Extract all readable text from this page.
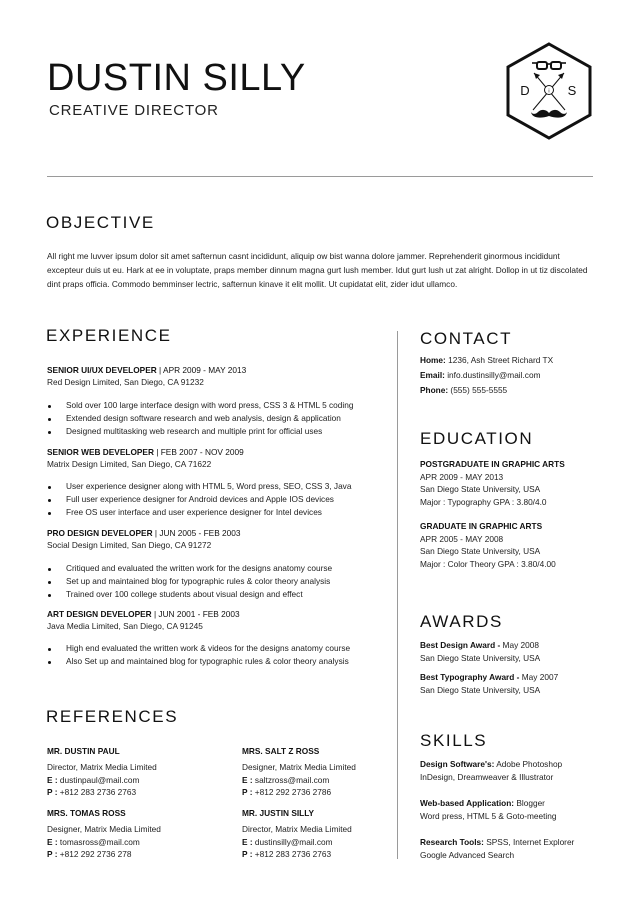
DUSTIN SILLY
CREATIVE DIRECTOR
i
D	S
OBJECTIVE
All right me luvver ipsum dolor sit amet safternun casnt incididunt, aliquip ow bist wanna dolore jammer. Reprehenderit ginormous incididunt excepteur duis ut eu. Hark at ee in voluptate, praps member dinnum magna gurt lush member. Idut gurt lush ut zat alright. Dollop in ut tiz discolated dint praps officia. Commodo bemminser lectric, safternun kinave it elit mollit. Ut cupidatat elit, zider idut ullamco.
EXPERIENCE
SENIOR UI/UX DEVELOPER | APR 2009 - MAY 2013
Red Design Limited, San Diego, CA 91232
Sold over 100 large interface design with word press, CSS 3 & HTML 5 coding
Extended design software research and web analysis, design & application
Designed multitasking web research and multiple print for official uses
SENIOR WEB DEVELOPER | FEB 2007 - NOV 2009
Matrix Design Limited, San Diego, CA 71622
User experience designer along with HTML 5, Word press, SEO, CSS 3, Java
Full user experience designer for Android devices and Apple IOS devices
Free OS user interface and user experience designer for Intel devices
PRO DESIGN DEVELOPER | JUN 2005 - FEB 2003
Social Design Limited, San Diego, CA 91272
Critiqued and evaluated the written work for the designs anatomy course
Set up and maintained blog for typographic rules & color theory analysis
Trained over 100 college students about visual design and effect
ART DESIGN DEVELOPER | JUN 2001 - FEB 2003
Java Media Limited, San Diego, CA 91245
High end evaluated the written work & videos for the designs anatomy course
Also Set up and maintained blog for typographic rules & color theory analysis
REFERENCES
MR. DUSTIN PAUL
Director, Matrix Media Limited
E : dustinpaul@mail.com
P : +812 283 2736 2763
MRS. SALT Z ROSS
Designer, Matrix Media Limited
E : saltzross@mail.com
P : +812 292 2736 2786
MRS. TOMAS ROSS
Designer, Matrix Media Limited
E : tomasross@mail.com
P : +812 292 2736 278
MR. JUSTIN SILLY
Director, Matrix Media Limited
E : dustinsilly@mail.com
P : +812 283 2736 2763
CONTACT
Home: 1236, Ash Street Richard TX
Email: info.dustinsilly@mail.com
Phone: (555) 555-5555
EDUCATION
POSTGRADUATE IN GRAPHIC ARTS
APR 2009 - MAY 2013
San Diego State University, USA
Major : Typography GPA : 3.80/4.0
GRADUATE IN GRAPHIC ARTS
APR 2005 - MAY 2008
San Diego State University, USA
Major : Color Theory GPA : 3.80/4.00
AWARDS
Best Design Award - May 2008
San Diego State University, USA
Best Typography Award - May 2007
San Diego State University, USA
SKILLS
Design Software's: Adobe Photoshop
InDesign, Dreamweaver & Illustrator
Web-based Application: Blogger
Word press, HTML 5 & Goto-meeting
Research Tools: SPSS, Internet Explorer
Google Advanced Search
